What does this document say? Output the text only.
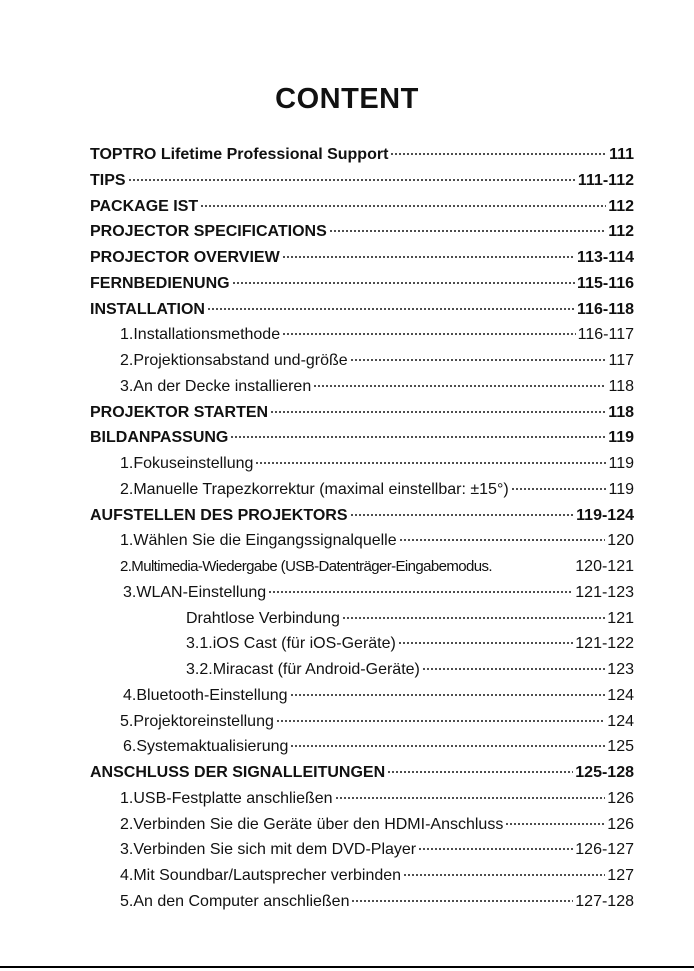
CONTENT
TOPTRO Lifetime Professional Support	111
TIPS	111-112
PACKAGE IST	112
PROJECTOR SPECIFICATIONS	112
PROJECTOR OVERVIEW	113-114
FERNBEDIENUNG	115-116
INSTALLATION	116-118
1.Installationsmethode	116-117
2.Projektionsabstand und-größe	117
3.An der Decke installieren	118
PROJEKTOR STARTEN	118
BILDANPASSUNG	119
1.Fokuseinstellung	119
2.Manuelle Trapezkorrektur (maximal einstellbar: ±15°)	119
AUFSTELLEN DES PROJEKTORS	119-124
1.Wählen Sie die Eingangssignalquelle	120
2.Multimedia-Wiedergabe (USB-Datenträger-Eingabemodus.	120-121
3.WLAN-Einstellung	121-123
Drahtlose Verbindung	121
3.1.iOS Cast (für iOS-Geräte)	121-122
3.2.Miracast (für Android-Geräte)	123
4.Bluetooth-Einstellung	124
5.Projektoreinstellung	124
6.Systemaktualisierung	125
ANSCHLUSS DER SIGNALLEITUNGEN	125-128
1.USB-Festplatte anschließen	126
2.Verbinden Sie die Geräte über den HDMI-Anschluss	126
3.Verbinden Sie sich mit dem DVD-Player	126-127
4.Mit Soundbar/Lautsprecher verbinden	127
5.An den Computer anschließen	127-128
